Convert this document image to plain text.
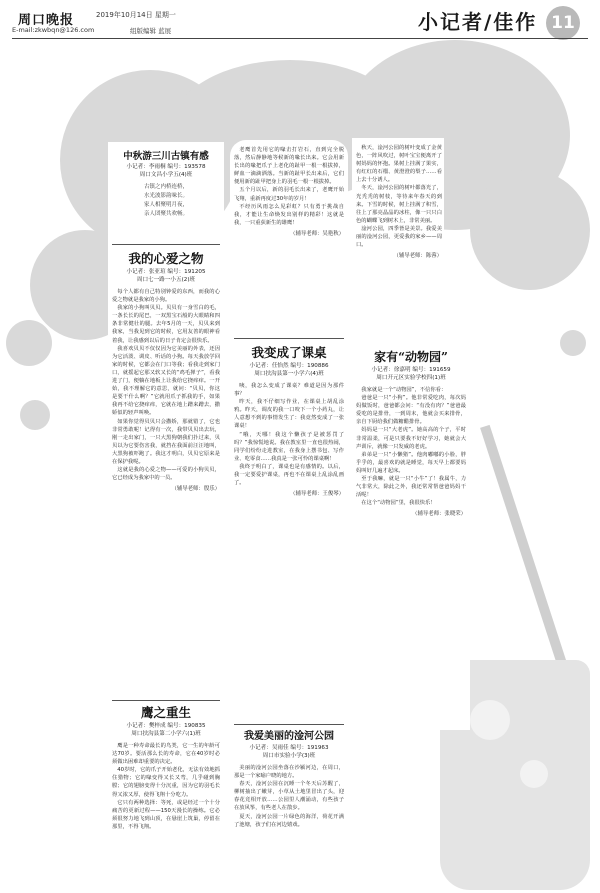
周口晚报	2019年10月14日 星期一
E-mail:zkwbqn@126.com	组版编辑 蓝展	小记者/佳作 11
中秋游三川古镇有感
小记者：李雨桐 编号：193578
周口文昌小学五(4)班
古镇之内桥连桥，
水光波影韵味长。
家人相聚明月夜，
亲人团聚共欢畅。
我的心爱之物
小记者：张亚瑄 编号：191205
周口七一路一小五(2)班

每个人都有自己特别钟爱的东西，而我的心爱之物就是我家的小狗。

我家的小狗叫贝贝。贝贝有一身雪白的毛，一条长长的尾巴，一双黑宝石般的大眼睛和四条非常健壮的腿。去年5月的一天，贝贝来到我家，当我见到它的时候，它用友善的眼神看着我，让我感到以后的日子肯定会很快乐。

我喜欢贝贝不仅仅因为它美丽的外表，还因为它活泼、调皮、听话的小狗。每天我放学回家的时候，它都会在门口等我；看我走到家门口，就摇起它那又软又长的“鸡毛掸子”，看我进了门，便躺在地板上让我给它挠痒痒。一开始，我不理解它的意思，就问：“贝贝，你这是要干什么啊？”它就用爪子抓我的手，如果我再不给它挠痒痒，它就在地上蹭来蹭去，撒娇似的轻声叫唤。

如果你觉得贝贝只会撒娇，那就错了，它也非常勇敢呢！记得有一次，我带贝贝出去玩，刚一走出家门，一只大黑狗朝我们扑过来，贝贝以为它要伤害我，就挡在我面前汪汪地叫，大黑狗被吓跑了。我这才明白，贝贝它原来是在保护我呢。

这就是我的心爱之物——可爱的小狗贝贝，它已经成为我家中的一员。

（辅导老师：殷乐）
鹰之重生
小记者：樊梓成 编号：190835
周口扶沟县第二小学六(1)班

鹰是一种寿命最长的鸟类，它一生的年龄可达70岁。要活那么长的寿命，它在40岁时必须做出困难却重要的决定。

40岁时，它的爪子开始老化，无法有效地抓住猎物；它的喙变得又长又弯，几乎碰到胸膛；它的翅膀变得十分沉重，因为它的羽毛长得又浓又厚，使得飞翔十分吃力。

它只有两种选择：等死，或是经过一个十分痛苦的更新过程——150天漫长的操练。它必须很努力地飞到山顶，在悬崖上筑巢，停留在那里，不得飞翔。

老鹰首先用它的喙击打岩石，直到完全脱落，然后静静地等候新的喙长出来。它会用新长出的喙把爪子上老化的趾甲一根一根拔掉，鲜血一滴滴洒落。当新的趾甲长出来后，它们便用新的趾甲把身上的羽毛一根一根拔掉。

五个月以后，新的羽毛长出来了，老鹰开始飞翔，重新再度过30年的岁月！

不经历风雨怎么见彩虹？只有勇于挑战自我，才能让生命焕发出别样的精彩！这就是我，一只重获新生的雄鹰！

（辅导老师：吴艳秋）
我变成了课桌
小记者：任怡然 编号：190886
周口扶沟县第一小学六(4)班

咦，我怎么变成了课桌？难道是因为那件事？

昨天，我不仔细写作业，在课桌上胡乱涂鸦。昨天，调皮的我一口咬下一个小药丸，让人意想不到的事情发生了：我竟然变成了一张课桌！

“哦，天哪！我这个懒孩子是被惩罚了吗？”我惊慌地说。我在教室里一直也很热闹，同学们纷纷走进教室，在我身上摆书包、写作业、吃零食……我真是一张可怜的课桌啊！

我终于明白了，课桌也是有感情的。以后，我一定要爱护课桌，再也不在课桌上乱涂乱画了。

（辅导老师：王俊琴）
我爱美丽的淦河公园
小记者：吴雨佳 编号：191963
周口市实验小学(3)班

美丽的淦河公园坐落在沙颍河边，在周口，那是一个家喻户晓的地方。

春天，淦河公园在沉睡一个冬天后苏醒了，柳树抽出了嫩芽，小草从土地里冒出了头，迎春花竞相开放……公园里人潮涌动，有些孩子在放风筝，有些老人在散步。

夏天，淦河公园一片绿色的海洋，荷花开满了池塘，孩子们在河边嬉戏。

秋天，淦河公园的树叶变成了金黄色，一阵风吹过，树叶宝宝便离开了树妈妈的怀抱。果树上挂满了果实，有红红的石榴、黄澄澄的梨子……看上去十分诱人。

冬天，淦河公园的树叶都落光了，光秃秃的树枝，等待来年春天的到来。下雪的时候，树上挂满了积雪，往上了那亮晶晶的冰柱，像一只只白色的蝴蝶飞到树木上，非常美丽。

淦河公园，四季皆是美景。我爱美丽的淦河公园，更爱我的家乡——周口。

（辅导老师：陈蓉）
家有“动物园”
小记者：徐嘉明 编号：191659
周口开元区实验学校四(1)班

我家就是一个“动物园”，不信你看：

爸爸是一只“小狗”。他非常爱吃肉，每次妈妈做饭时，爸爸都会问：“有没有肉？”爸爸最爱吃的是排骨，一到周末，他就会买来排骨，亲自下厨给我们做糖醋排骨。

妈妈是一只“大老虎”。她高高的个子，平时非常温柔，可是只要我不好好学习，她就会大声训斥，就像一只发威的老虎。

弟弟是一只“小懒猪”。他肉嘟嘟的小脸，胖乎乎的，最喜欢的就是睡觉，每天早上都要妈妈叫好几遍才起床。

至于我嘛，就是一只“小牛”了！我属牛，力气非常大，除此之外，我还常常帮爸爸妈妈干活呢！

在这个“动物园”里，我很快乐！

（辅导老师：张晓荣）
